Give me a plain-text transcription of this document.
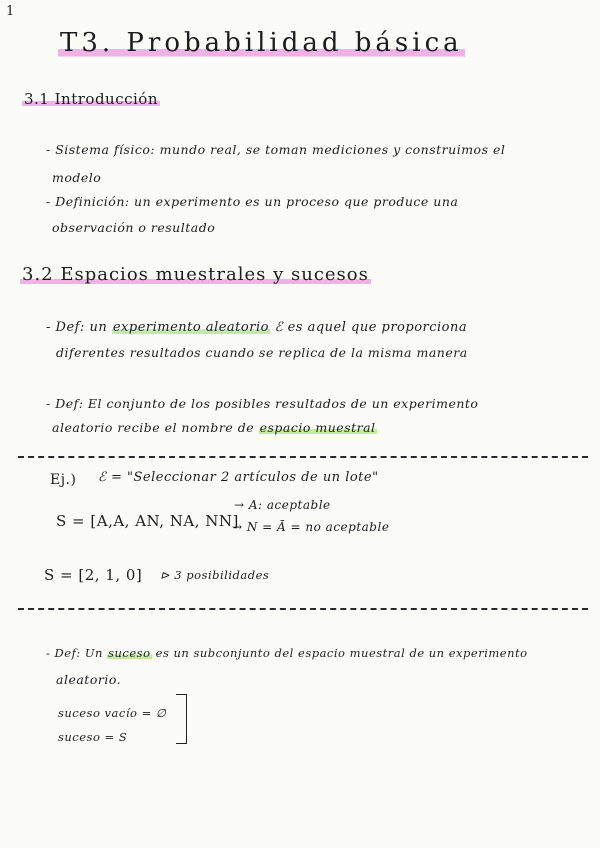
1
T3. Probabilidad básica
3.1 Introducción
- Sistema físico: mundo real, se toman mediciones y construimos el
modelo
- Definición: un experimento es un proceso que produce una
observación o resultado
3.2 Espacios muestrales y sucesos
- Def: un experimento aleatorio ℰ es aquel que proporciona
diferentes resultados cuando se replica de la misma manera
- Def: El conjunto de los posibles resultados de un experimento
aleatorio recibe el nombre de espacio muestral
Ej.) ℰ = "Seleccionar 2 artículos de un lote"
S = [A,A, AN, NA, NN]
→ A: aceptable
→ N = Ā = no aceptable
S = [2, 1, 0] ⊳ 3 posibilidades
- Def: Un suceso es un subconjunto del espacio muestral de un experimento
aleatorio.
suceso vacío = ∅
suceso = S
